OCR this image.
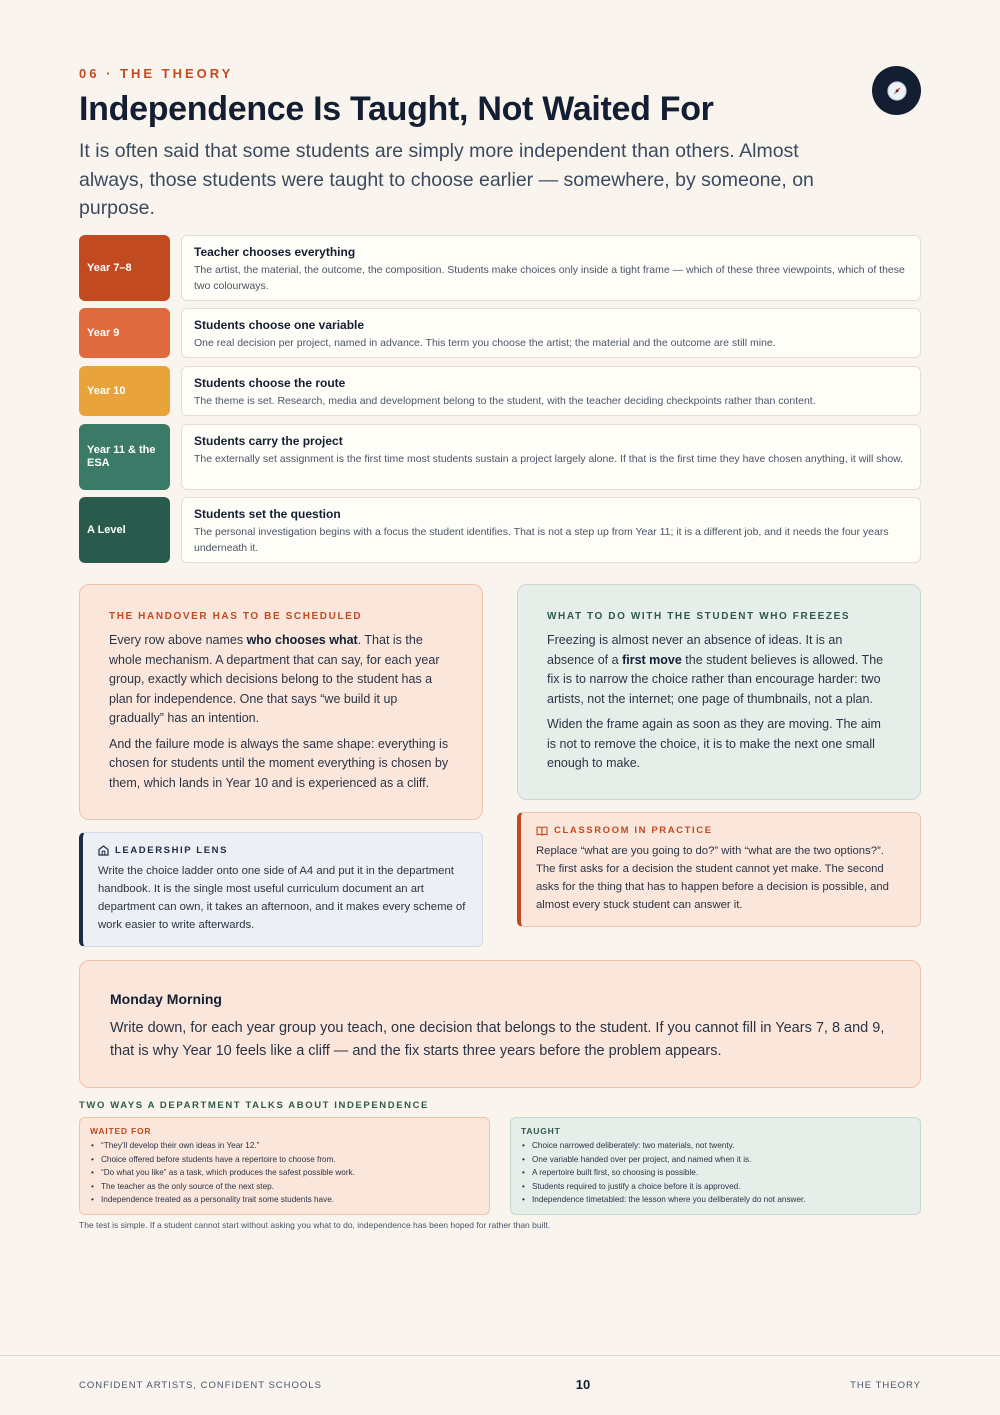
06 · THE THEORY
Independence Is Taught, Not Waited For
It is often said that some students are simply more independent than others. Almost always, those students were taught to choose earlier — somewhere, by someone, on purpose.
Year 7–8
Teacher chooses everything
The artist, the material, the outcome, the composition. Students make choices only inside a tight frame — which of these three viewpoints, which of these two colourways.
Year 9
Students choose one variable
One real decision per project, named in advance. This term you choose the artist; the material and the outcome are still mine.
Year 10
Students choose the route
The theme is set. Research, media and development belong to the student, with the teacher deciding checkpoints rather than content.
Year 11 & the ESA
Students carry the project
The externally set assignment is the first time most students sustain a project largely alone. If that is the first time they have chosen anything, it will show.
A Level
Students set the question
The personal investigation begins with a focus the student identifies. That is not a step up from Year 11; it is a different job, and it needs the four years underneath it.
THE HANDOVER HAS TO BE SCHEDULED

Every row above names who chooses what. That is the whole mechanism. A department that can say, for each year group, exactly which decisions belong to the student has a plan for independence. One that says “we build it up gradually” has an intention.

And the failure mode is always the same shape: everything is chosen for students until the moment everything is chosen by them, which lands in Year 10 and is experienced as a cliff.

WHAT TO DO WITH THE STUDENT WHO FREEZES

Freezing is almost never an absence of ideas. It is an absence of a first move the student believes is allowed. The fix is to narrow the choice rather than encourage harder: two artists, not the internet; one page of thumbnails, not a plan.

Widen the frame again as soon as they are moving. The aim is not to remove the choice, it is to make the next one small enough to make.

LEADERSHIP LENS
Write the choice ladder onto one side of A4 and put it in the department handbook. It is the single most useful curriculum document an art department can own, it takes an afternoon, and it makes every scheme of work easier to write afterwards.
CLASSROOM IN PRACTICE
Replace “what are you going to do?” with “what are the two options?”. The first asks for a decision the student cannot yet make. The second asks for the thing that has to happen before a decision is possible, and almost every stuck student can answer it.
Monday Morning
Write down, for each year group you teach, one decision that belongs to the student. If you cannot fill in Years 7, 8 and 9, that is why Year 10 feels like a cliff — and the fix starts three years before the problem appears.
TWO WAYS A DEPARTMENT TALKS ABOUT INDEPENDENCE
WAITED FOR
• “They’ll develop their own ideas in Year 12.”
• Choice offered before students have a repertoire to choose from.
• “Do what you like” as a task, which produces the safest possible work.
• The teacher as the only source of the next step.
• Independence treated as a personality trait some students have.
TAUGHT
• Choice narrowed deliberately: two materials, not twenty.
• One variable handed over per project, and named when it is.
• A repertoire built first, so choosing is possible.
• Students required to justify a choice before it is approved.
• Independence timetabled: the lesson where you deliberately do not answer.
The test is simple. If a student cannot start without asking you what to do, independence has been hoped for rather than built.
CONFIDENT ARTISTS, CONFIDENT SCHOOLS	10	THE THEORY
